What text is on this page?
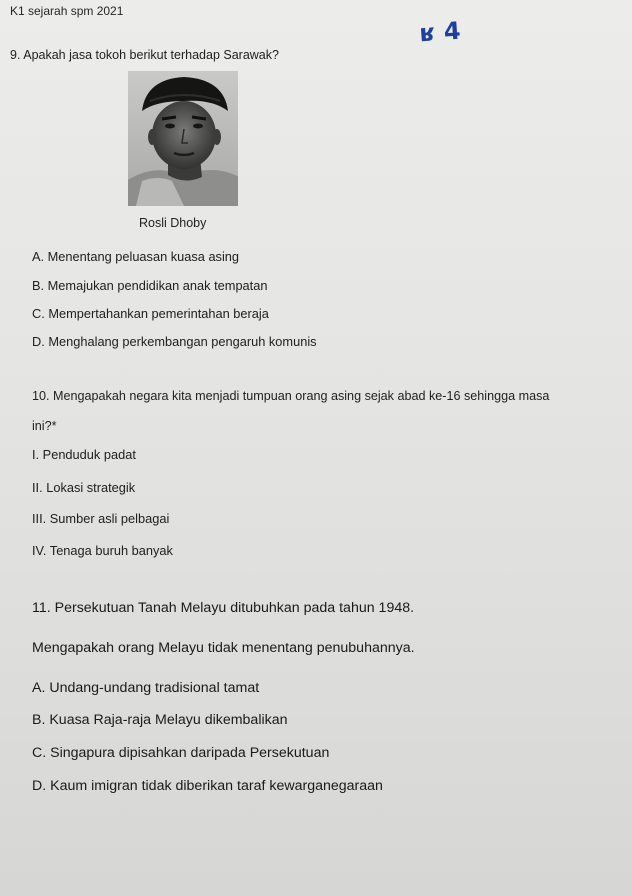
K1 sejarah spm 2021
ʁ 4
9. Apakah jasa tokoh berikut terhadap Sarawak?
Rosli Dhoby
A. Menentang peluasan kuasa asing
B. Memajukan pendidikan anak tempatan
C. Mempertahankan pemerintahan beraja
D. Menghalang perkembangan pengaruh komunis
10. Mengapakah negara kita menjadi tumpuan orang asing sejak abad ke-16 sehingga masa
ini?*
I. Penduduk padat
II. Lokasi strategik
III. Sumber asli pelbagai
IV. Tenaga buruh banyak
11. Persekutuan Tanah Melayu ditubuhkan pada tahun 1948.
Mengapakah orang Melayu tidak menentang penubuhannya.
A. Undang-undang tradisional tamat
B. Kuasa Raja-raja Melayu dikembalikan
C. Singapura dipisahkan daripada Persekutuan
D. Kaum imigran tidak diberikan taraf kewarganegaraan
